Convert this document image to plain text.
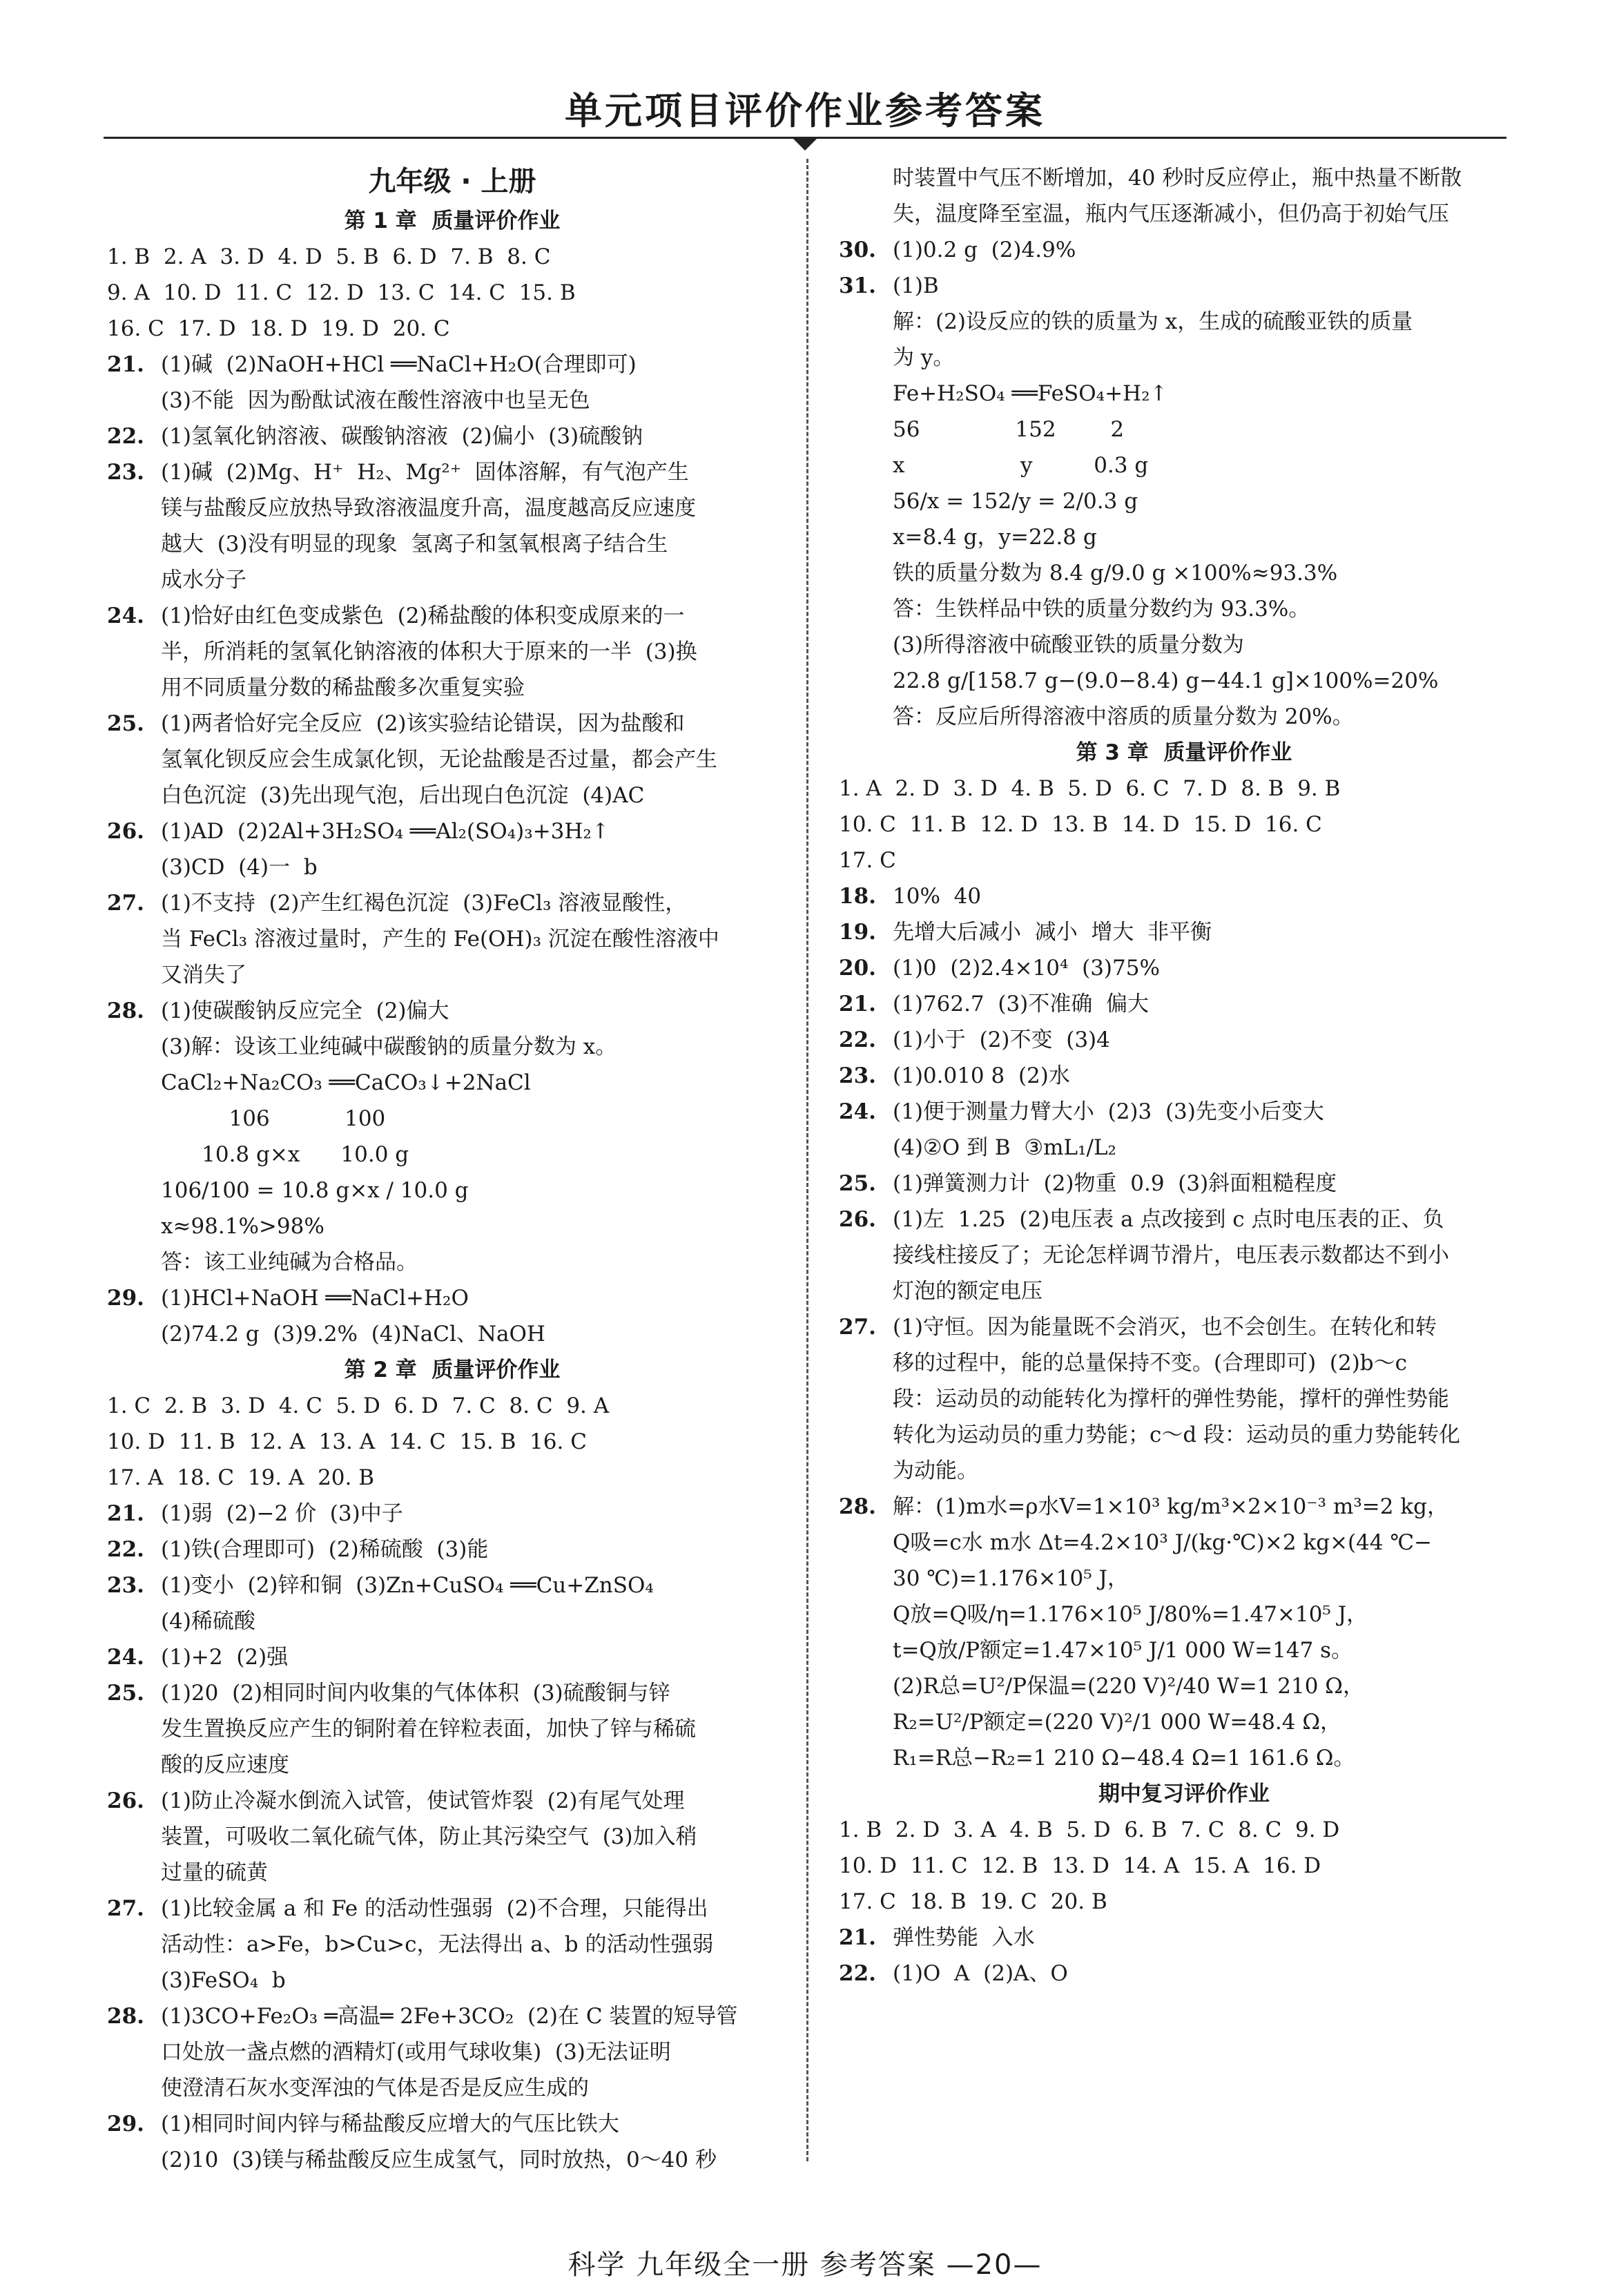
单元项目评价作业参考答案
九年级 · 上册
第 1 章  质量评价作业
1. B  2. A  3. D  4. D  5. B  6. D  7. B  8. C
9. A  10. D  11. C  12. D  13. C  14. C  15. B
16. C  17. D  18. D  19. D  20. C
21. (1)碱  (2)NaOH+HCl ══NaCl+H₂O(合理即可)
(3)不能  因为酚酞试液在酸性溶液中也呈无色
22. (1)氢氧化钠溶液、碳酸钠溶液  (2)偏小  (3)硫酸钠
23. (1)碱  (2)Mg、H⁺  H₂、Mg²⁺  固体溶解，有气泡产生
镁与盐酸反应放热导致溶液温度升高，温度越高反应速度
越大  (3)没有明显的现象  氢离子和氢氧根离子结合生
成水分子
24. (1)恰好由红色变成紫色  (2)稀盐酸的体积变成原来的一
半，所消耗的氢氧化钠溶液的体积大于原来的一半  (3)换
用不同质量分数的稀盐酸多次重复实验
25. (1)两者恰好完全反应  (2)该实验结论错误，因为盐酸和
氢氧化钡反应会生成氯化钡，无论盐酸是否过量，都会产生
白色沉淀  (3)先出现气泡，后出现白色沉淀  (4)AC
26. (1)AD  (2)2Al+3H₂SO₄ ══Al₂(SO₄)₃+3H₂↑
(3)CD  (4)一  b
27. (1)不支持  (2)产生红褐色沉淀  (3)FeCl₃ 溶液显酸性，
当 FeCl₃ 溶液过量时，产生的 Fe(OH)₃ 沉淀在酸性溶液中
又消失了
28. (1)使碳酸钠反应完全  (2)偏大
(3)解：设该工业纯碱中碳酸钠的质量分数为 x。
CaCl₂+Na₂CO₃ ══CaCO₃↓+2NaCl
106           100
10.8 g×x      10.0 g
106/100 = 10.8 g×x / 10.0 g
x≈98.1%>98%
答：该工业纯碱为合格品。
29. (1)HCl+NaOH ══NaCl+H₂O
(2)74.2 g  (3)9.2%  (4)NaCl、NaOH
第 2 章  质量评价作业
1. C  2. B  3. D  4. C  5. D  6. D  7. C  8. C  9. A
10. D  11. B  12. A  13. A  14. C  15. B  16. C
17. A  18. C  19. A  20. B
21. (1)弱  (2)−2 价  (3)中子
22. (1)铁(合理即可)  (2)稀硫酸  (3)能
23. (1)变小  (2)锌和铜  (3)Zn+CuSO₄ ══Cu+ZnSO₄
(4)稀硫酸
24. (1)+2  (2)强
25. (1)20  (2)相同时间内收集的气体体积  (3)硫酸铜与锌
发生置换反应产生的铜附着在锌粒表面，加快了锌与稀硫
酸的反应速度
26. (1)防止冷凝水倒流入试管，使试管炸裂  (2)有尾气处理
装置，可吸收二氧化硫气体，防止其污染空气  (3)加入稍
过量的硫黄
27. (1)比较金属 a 和 Fe 的活动性强弱  (2)不合理，只能得出
活动性：a>Fe，b>Cu>c，无法得出 a、b 的活动性强弱
(3)FeSO₄  b
28. (1)3CO+Fe₂O₃ ═高温═ 2Fe+3CO₂  (2)在 C 装置的短导管
口处放一盏点燃的酒精灯(或用气球收集)  (3)无法证明
使澄清石灰水变浑浊的气体是否是反应生成的
29. (1)相同时间内锌与稀盐酸反应增大的气压比铁大
(2)10  (3)镁与稀盐酸反应生成氢气，同时放热，0～40 秒
时装置中气压不断增加，40 秒时反应停止，瓶中热量不断散
失，温度降至室温，瓶内气压逐渐减小，但仍高于初始气压
30. (1)0.2 g  (2)4.9%
31. (1)B
解：(2)设反应的铁的质量为 x，生成的硫酸亚铁的质量
为 y。
Fe+H₂SO₄ ══FeSO₄+H₂↑
56              152        2
x                 y         0.3 g
56/x = 152/y = 2/0.3 g
x=8.4 g，y=22.8 g
铁的质量分数为 8.4 g/9.0 g ×100%≈93.3%
答：生铁样品中铁的质量分数约为 93.3%。
(3)所得溶液中硫酸亚铁的质量分数为
22.8 g/[158.7 g−(9.0−8.4) g−44.1 g]×100%=20%
答：反应后所得溶液中溶质的质量分数为 20%。
第 3 章  质量评价作业
1. A  2. D  3. D  4. B  5. D  6. C  7. D  8. B  9. B
10. C  11. B  12. D  13. B  14. D  15. D  16. C
17. C
18. 10%  40
19. 先增大后减小  减小  增大  非平衡
20. (1)0  (2)2.4×10⁴  (3)75%
21. (1)762.7  (3)不准确  偏大
22. (1)小于  (2)不变  (3)4
23. (1)0.010 8  (2)水
24. (1)便于测量力臂大小  (2)3  (3)先变小后变大
(4)②O 到 B  ③mL₁/L₂
25. (1)弹簧测力计  (2)物重  0.9  (3)斜面粗糙程度
26. (1)左  1.25  (2)电压表 a 点改接到 c 点时电压表的正、负
接线柱接反了；无论怎样调节滑片，电压表示数都达不到小
灯泡的额定电压
27. (1)守恒。因为能量既不会消灭，也不会创生。在转化和转
移的过程中，能的总量保持不变。(合理即可)  (2)b～c
段：运动员的动能转化为撑杆的弹性势能，撑杆的弹性势能
转化为运动员的重力势能；c～d 段：运动员的重力势能转化
为动能。
28. 解：(1)m水=ρ水V=1×10³ kg/m³×2×10⁻³ m³=2 kg，
Q吸=c水 m水 Δt=4.2×10³ J/(kg·℃)×2 kg×(44 ℃−
30 ℃)=1.176×10⁵ J，
Q放=Q吸/η=1.176×10⁵ J/80%=1.47×10⁵ J，
t=Q放/P额定=1.47×10⁵ J/1 000 W=147 s。
(2)R总=U²/P保温=(220 V)²/40 W=1 210 Ω，
R₂=U²/P额定=(220 V)²/1 000 W=48.4 Ω，
R₁=R总−R₂=1 210 Ω−48.4 Ω=1 161.6 Ω。
期中复习评价作业
1. B  2. D  3. A  4. B  5. D  6. B  7. C  8. C  9. D
10. D  11. C  12. B  13. D  14. A  15. A  16. D
17. C  18. B  19. C  20. B
21. 弹性势能  入水
22. (1)O  A  (2)A、O
科学 九年级全一册 参考答案 —20—
